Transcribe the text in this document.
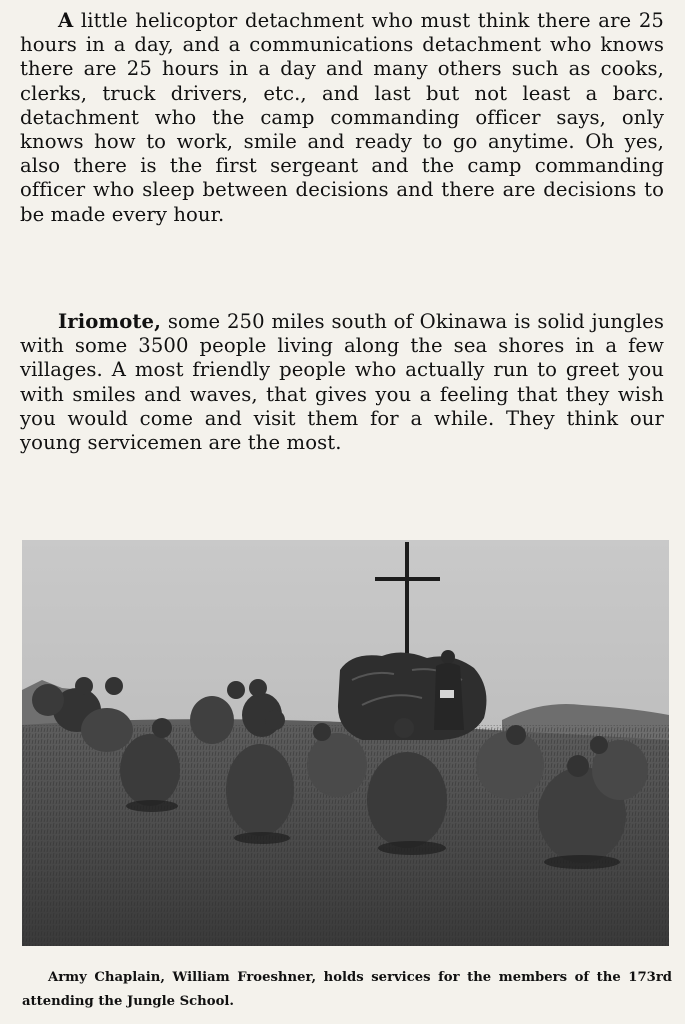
A little helicoptor detachment who must think there are 25 hours in a day, and a communications detachment who knows there are 25 hours in a day and many others such as cooks, clerks, truck drivers, etc., and last but not least a barc. detachment who the camp commanding officer says, only knows how to work, smile and ready to go anytime. Oh yes, also there is the first sergeant and the camp commanding officer who sleep between decisions and there are decisions to be made every hour.

Iriomote, some 250 miles south of Okinawa is solid jungles with some 3500 people living along the sea shores in a few villages. A most friendly people who actually run to greet you with smiles and waves, that gives you a feeling that they wish you would come and visit them for a while. They think our young servicemen are the most.

Army Chaplain, William Froeshner, holds services for the members of the 173rd attending the Jungle School.
